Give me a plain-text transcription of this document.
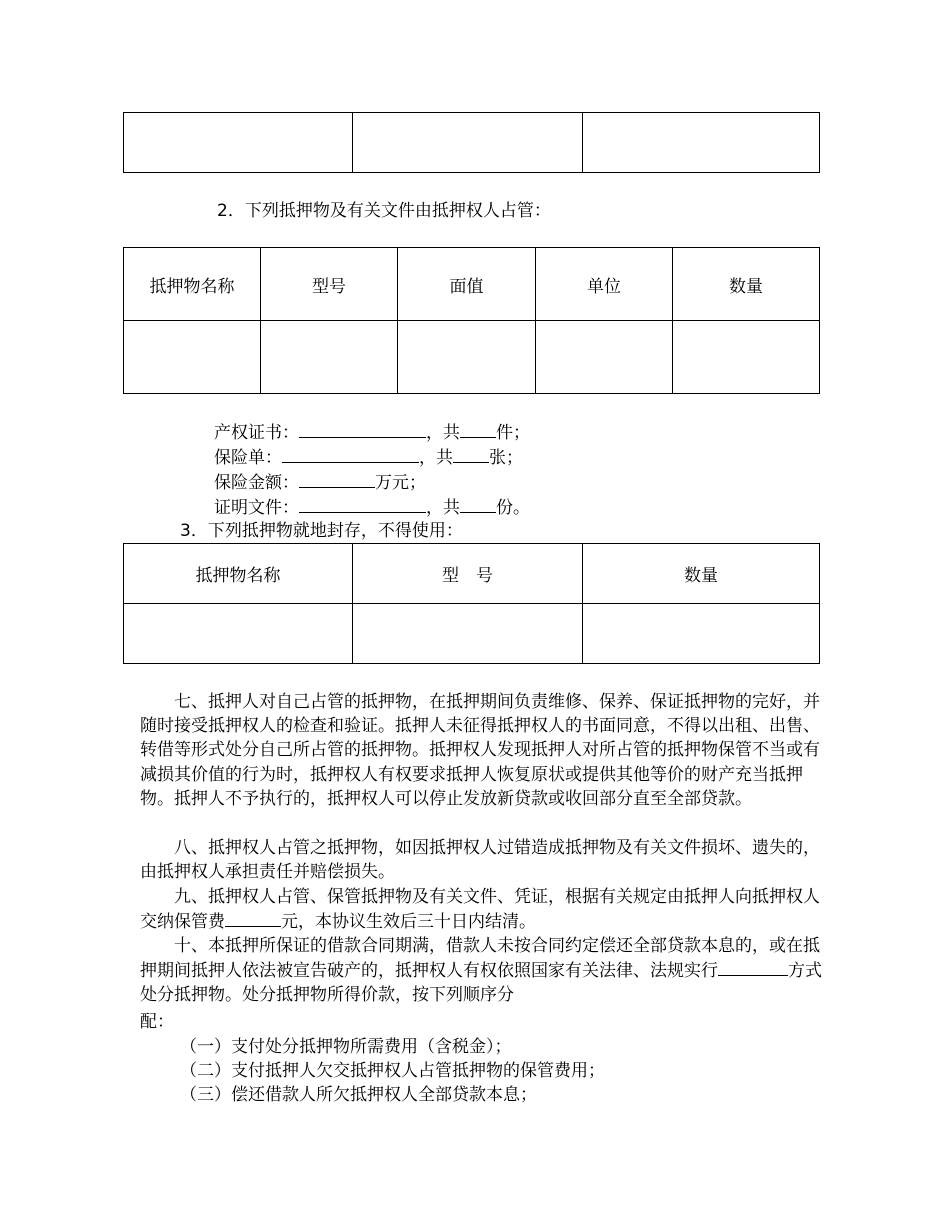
2．下列抵押物及有关文件由抵押权人占管：
抵押物名称	型号	面值	单位	数量

产权证书：	，共 件；
保险单：	，共 张；
保险金额：	万元；
证明文件：	，共 份。
3．下列抵押物就地封存，不得使用：
抵押物名称	型　号	数量

七、抵押人对自己占管的抵押物，在抵押期间负责维修、保养、保证抵押物的完好，并随时接受抵押权人的检查和验证。抵押人未征得抵押权人的书面同意，不得以出租、出售、转借等形式处分自己所占管的抵押物。抵押权人发现抵押人对所占管的抵押物保管不当或有减损其价值的行为时，抵押权人有权要求抵押人恢复原状或提供其他等价的财产充当抵押物。抵押人不予执行的，抵押权人可以停止发放新贷款或收回部分直至全部贷款。
八、抵押权人占管之抵押物，如因抵押权人过错造成抵押物及有关文件损坏、遗失的，由抵押权人承担责任并赔偿损失。
九、抵押权人占管、保管抵押物及有关文件、凭证，根据有关规定由抵押人向抵押权人交纳保管费	元，本协议生效后三十日内结清。
十、本抵押所保证的借款合同期满，借款人未按合同约定偿还全部贷款本息的，或在抵押期间抵押人依法被宣告破产的，抵押权人有权依照国家有关法律、法规实行	方式处分抵押物。处分抵押物所得价款，按下列顺序分
配：
（一）支付处分抵押物所需费用（含税金）；
（二）支付抵押人欠交抵押权人占管抵押物的保管费用；
（三）偿还借款人所欠抵押权人全部贷款本息；
